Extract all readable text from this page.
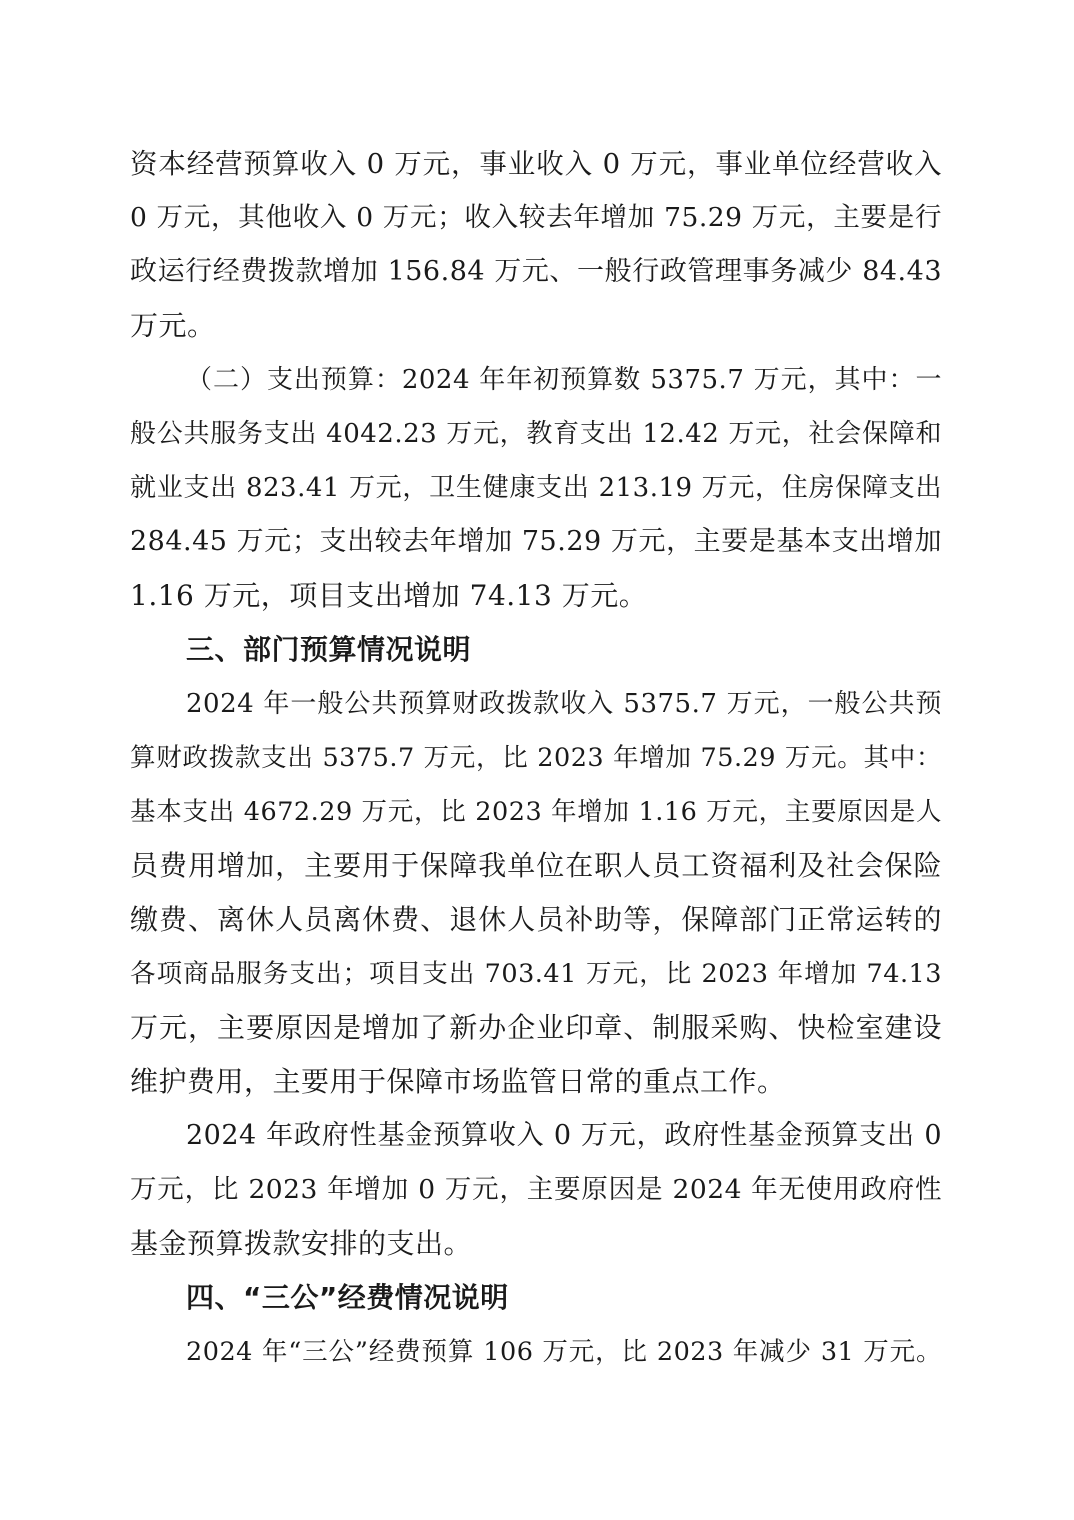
资本经营预算收入 0 万元，事业收入 0 万元，事业单位经营收入
0 万元，其他收入 0 万元；收入较去年增加 75.29 万元，主要是行
政运行经费拨款增加 156.84 万元、一般行政管理事务减少 84.43
万元。
（二）支出预算：2024 年年初预算数 5375.7 万元，其中：一
般公共服务支出 4042.23 万元，教育支出 12.42 万元，社会保障和
就业支出 823.41 万元，卫生健康支出 213.19 万元，住房保障支出
284.45 万元；支出较去年增加 75.29 万元，主要是基本支出增加
1.16 万元，项目支出增加 74.13 万元。
三、部门预算情况说明
2024 年一般公共预算财政拨款收入 5375.7 万元，一般公共预
算财政拨款支出 5375.7 万元，比 2023 年增加 75.29 万元。其中：
基本支出 4672.29 万元，比 2023 年增加 1.16 万元，主要原因是人
员费用增加，主要用于保障我单位在职人员工资福利及社会保险
缴费、离休人员离休费、退休人员补助等，保障部门正常运转的
各项商品服务支出；项目支出 703.41 万元，比 2023 年增加 74.13
万元，主要原因是增加了新办企业印章、制服采购、快检室建设
维护费用，主要用于保障市场监管日常的重点工作。
2024 年政府性基金预算收入 0 万元，政府性基金预算支出 0
万元，比 2023 年增加 0 万元，主要原因是 2024 年无使用政府性
基金预算拨款安排的支出。
四、“三公”经费情况说明
2024 年“三公”经费预算 106 万元，比 2023 年减少 31 万元。
